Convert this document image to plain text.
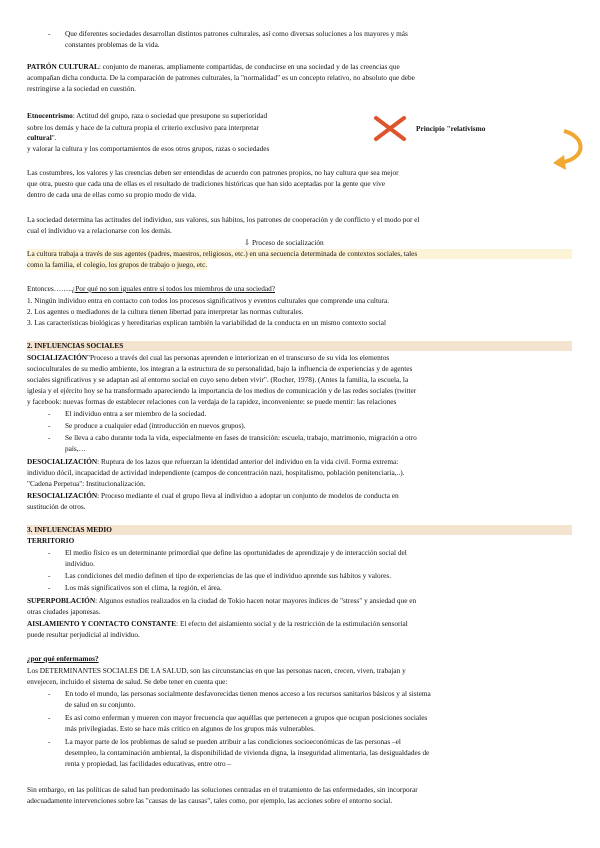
- Que diferentes sociedades desarrollan distintos patrones culturales, así como diversas soluciones a los mayores y más
constantes problemas de la vida.
PATRÓN CULTURAL: conjunto de maneras, ampliamente compartidas, de conducirse en una sociedad y de las creencias que
acompañan dicha conducta. De la comparación de patrones culturales, la "normalidad" es un concepto relativo, no absoluto que debe
restringirse a la sociedad en cuestión.
Etnocentrismo: Actitud del grupo, raza o sociedad que presupone su superioridad
sobre los demás y hace de la cultura propia el criterio exclusivo para interpretar
cultural".
y valorar la cultura y los comportamientos de esos otros grupos, razas o sociedades
Principio "relativismo
Las costumbres, los valores y las creencias deben ser entendidas de acuerdo con patrones propios, no hay cultura que sea mejor
que otra, puesto que cada una de ellas es el resultado de tradiciones históricas que han sido aceptadas por la gente que vive
dentro de cada una de ellas como su propio modo de vida.
La sociedad determina las actitudes del individuo, sus valores, sus hábitos, los patrones de cooperación y de conflicto y el modo por el
cual el individuo va a relacionarse con los demás.
⇩ Proceso de socialización
La cultura trabaja a través de sus agentes (padres, maestros, religiosos, etc.) en una secuencia determinada de contextos sociales, tales
como la familia, el colegio, los grupos de trabajo o juego, etc.
Entonces……..¿Por qué no son iguales entre sí todos los miembros de una sociedad?
1. Ningún individuo entra en contacto con todos los procesos significativos y eventos culturales que comprende una cultura.
2. Los agentes o mediadores de la cultura tienen libertad para interpretar las normas culturales.
3. Las características biológicas y hereditarias explican también la variabilidad de la conducta en un mismo contexto social
2. INFLUENCIAS SOCIALES
SOCIALIZACIÓN"Proceso a través del cual las personas aprenden e interiorizan en el transcurso de su vida los elementos
socioculturales de su medio ambiente, los integran a la estructura de su personalidad, bajo la influencia de experiencias y de agentes
sociales significativos y se adaptan así al entorno social en cuyo seno deben vivir". (Rocher, 1978). (Antes la familia, la escuela, la
iglesia y el ejército hoy se ha transformado apareciendo la importancia de los medios de comunicación y de las redes sociales (twitter
y facebook: nuevas formas de establecer relaciones con la verdaja de la rapidez, inconveniente: se puede mentir: las relaciones
- El individuo entra a ser miembro de la sociedad.
- Se produce a cualquier edad (introducción en nuevos grupos).
- Se lleva a cabo durante toda la vida, especialmente en fases de transición: escuela, trabajo, matrimonio, migración a otro
país,…
DESOCIALIZACIÓN: Ruptura de los lazos que refuerzan la identidad anterior del individuo en la vida civil. Forma extrema:
individuo dócil, incapacidad de actividad independiente (campos de concentración nazi, hospitalismo, población penitenciaria,..).
"Cadena Perpetua": Institucionalización.
RESOCIALIZACIÓN: Proceso mediante el cual el grupo lleva al individuo a adoptar un conjunto de modelos de conducta en
sustitución de otros.
3. INFLUENCIAS MEDIO
TERRITORIO
- El medio físico es un determinante primordial que define las oportunidades de aprendizaje y de interacción social del
individuo.
- Las condiciones del medio definen el tipo de experiencias de las que el individuo aprende sus hábitos y valores.
- Los más significativos son el clima, la región, el área.
SUPERPOBLACIÓN: Algunos estudios realizados en la ciudad de Tokio hacen notar mayores índices de "stress" y ansiedad que en
otras ciudades japonesas.
AISLAMIENTO Y CONTACTO CONSTANTE: El efecto del aislamiento social y de la restricción de la estimulación sensorial
puede resultar perjudicial al individuo.
¿por qué enfermamos?
Los DETERMINANTES SOCIALES DE LA SALUD, son las circunstancias en que las personas nacen, crecen, viven, trabajan y
envejecen, incluido el sistema de salud. Se debe tener en cuenta que:
- En todo el mundo, las personas socialmente desfavorecidas tienen menos acceso a los recursos sanitarios básicos y al sistema
de salud en su conjunto.
- Es así como enferman y mueren con mayor frecuencia que aquéllas que pertenecen a grupos que ocupan posiciones sociales
más privilegiadas. Esto se hace más crítico en algunos de los grupos más vulnerables.
- La mayor parte de los problemas de salud se pueden atribuir a las condiciones socioeconómicas de las personas –el
desempleo, la contaminación ambiental, la disponibilidad de vivienda digna, la inseguridad alimentaria, las desigualdades de
renta y propiedad, las facilidades educativas, entre otro –
Sin embargo, en las políticas de salud han predominado las soluciones centradas en el tratamiento de las enfermedades, sin incorporar
adecuadamente intervenciones sobre las "causas de las causas", tales como, por ejemplo, las acciones sobre el entorno social.
